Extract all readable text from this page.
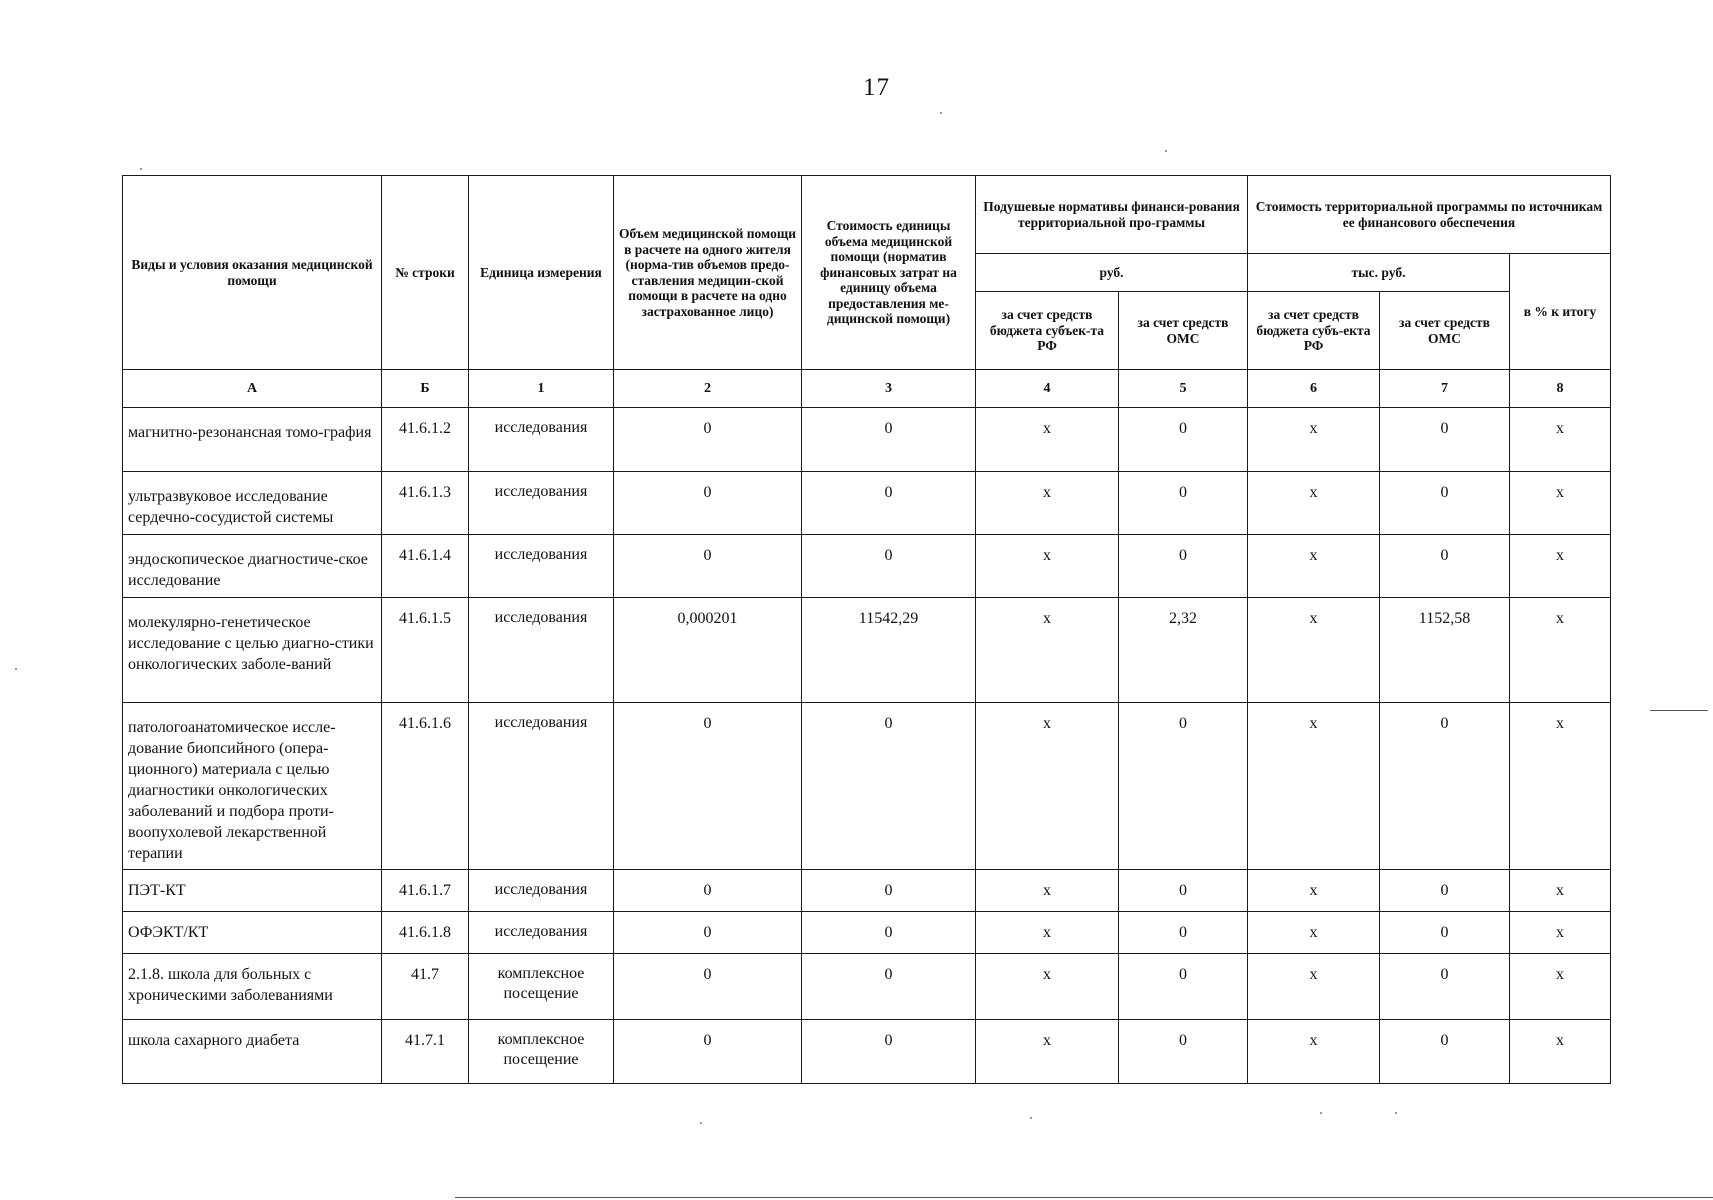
17
Виды и условия оказания медицинской помощи	№ строки	Единица измерения	Объем медицинской помощи в расчете на одного жителя (норма-тив объемов предо-ставления медицин-ской помощи в расчете на одно застрахованное лицо)	Стоимость единицы объема медицинской помощи (норматив финансовых затрат на единицу объема предоставления ме-дицинской помощи)	Подушевые нормативы финанси-рования территориальной про-граммы		Стоимость территориальной программы по источникам ее финансового обеспечения		
					руб.		тыс. руб.		в % к итогу
					за счет средств бюджета субъек-та РФ	за счет средств ОМС	за счет средств бюджета субъ-екта РФ	за счет средств ОМС	
А	Б	1	2	3	4	5	6	7	8
магнитно-резонансная томо-графия	41.6.1.2	исследования	0	0	х	0	х	0	х
ультразвуковое исследование сердечно-сосудистой системы	41.6.1.3	исследования	0	0	х	0	х	0	х
эндоскопическое диагностиче-ское исследование	41.6.1.4	исследования	0	0	х	0	х	0	х
молекулярно-генетическое исследование с целью диагно-стики онкологических заболе-ваний	41.6.1.5	исследования	0,000201	11542,29	х	2,32	х	1152,58	х
патологоанатомическое иссле-дование биопсийного (опера-ционного) материала с целью диагностики онкологических заболеваний и подбора проти-воопухолевой лекарственной терапии	41.6.1.6	исследования	0	0	х	0	х	0	х
ПЭТ-КТ	41.6.1.7	исследования	0	0	х	0	х	0	х
ОФЭКТ/КТ	41.6.1.8	исследования	0	0	х	0	х	0	х
2.1.8. школа для больных с хроническими заболеваниями	41.7	комплексное посещение	0	0	х	0	х	0	х
школа сахарного диабета	41.7.1	комплексное посещение	0	0	х	0	х	0	х
